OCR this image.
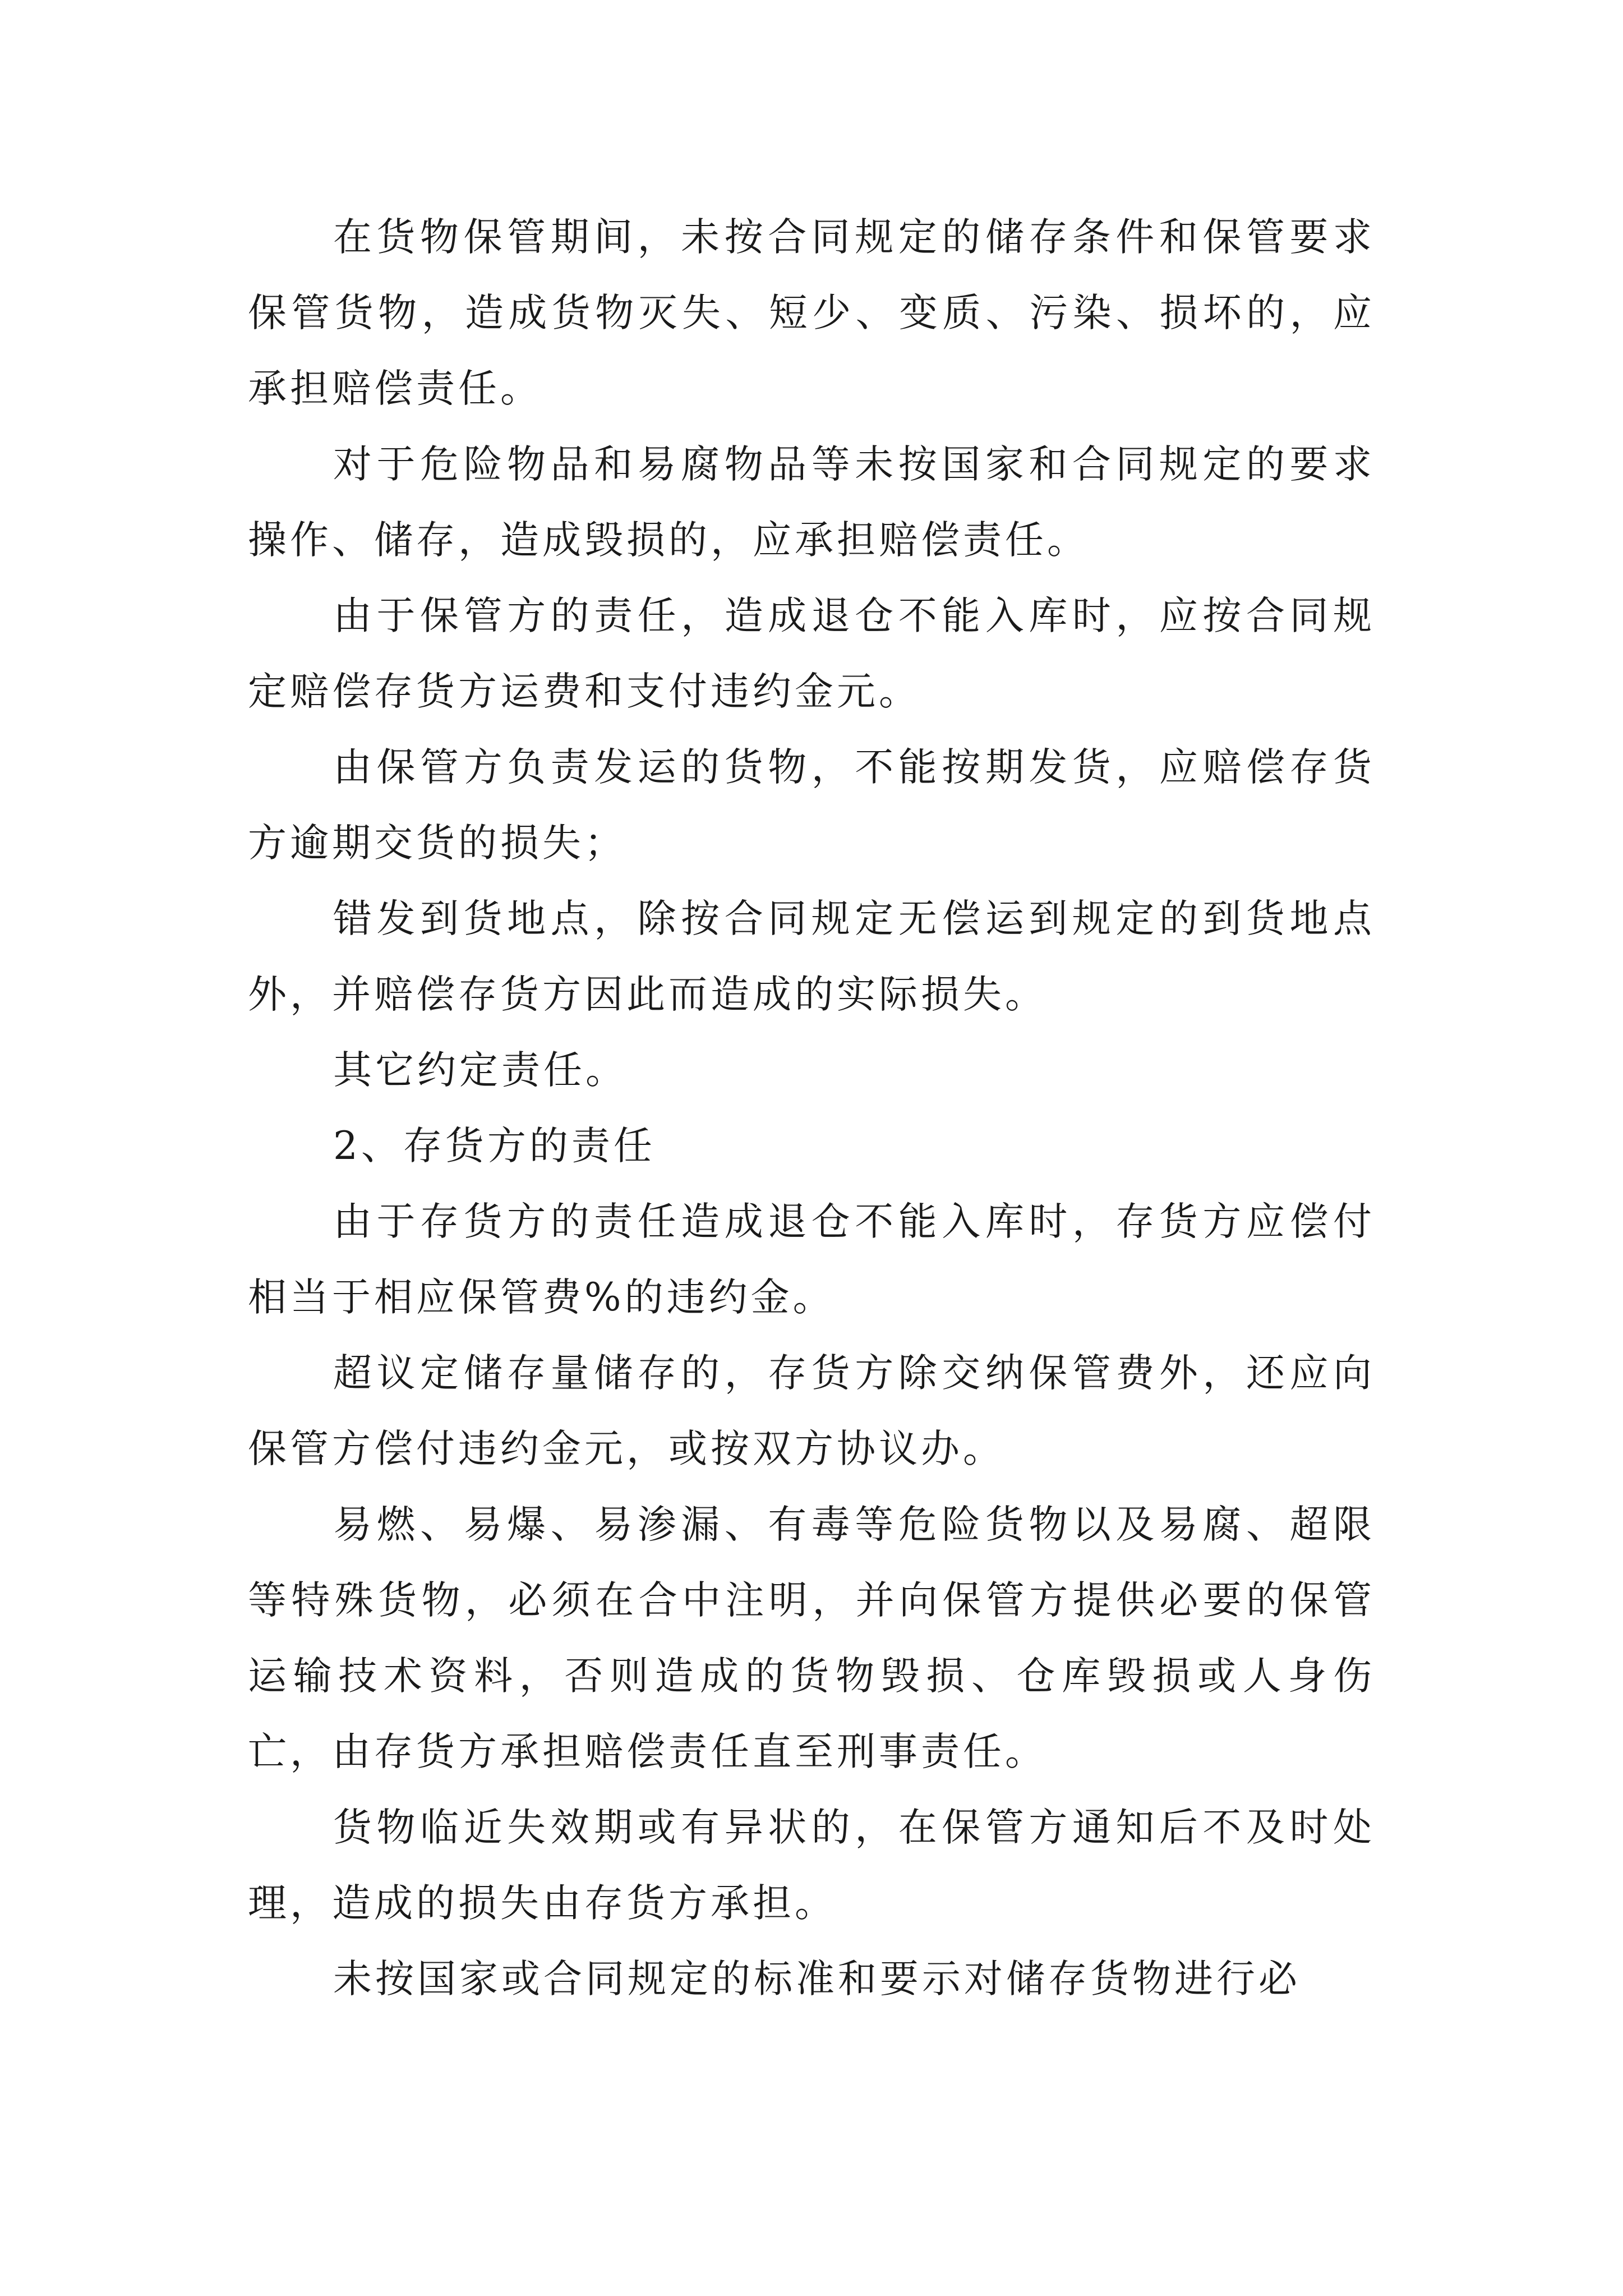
在货物保管期间，未按合同规定的储存条件和保管要求保管货物，造成货物灭失、短少、变质、污染、损坏的，应承担赔偿责任。

对于危险物品和易腐物品等未按国家和合同规定的要求操作、储存，造成毁损的，应承担赔偿责任。

由于保管方的责任，造成退仓不能入库时，应按合同规定赔偿存货方运费和支付违约金元。

由保管方负责发运的货物，不能按期发货，应赔偿存货方逾期交货的损失；

错发到货地点，除按合同规定无偿运到规定的到货地点外，并赔偿存货方因此而造成的实际损失。

其它约定责任。

2、存货方的责任

由于存货方的责任造成退仓不能入库时，存货方应偿付相当于相应保管费%的违约金。

超议定储存量储存的，存货方除交纳保管费外，还应向保管方偿付违约金元，或按双方协议办。

易燃、易爆、易渗漏、有毒等危险货物以及易腐、超限等特殊货物，必须在合中注明，并向保管方提供必要的保管运输技术资料，否则造成的货物毁损、仓库毁损或人身伤亡，由存货方承担赔偿责任直至刑事责任。

货物临近失效期或有异状的，在保管方通知后不及时处理，造成的损失由存货方承担。

未按国家或合同规定的标准和要示对储存货物进行必
